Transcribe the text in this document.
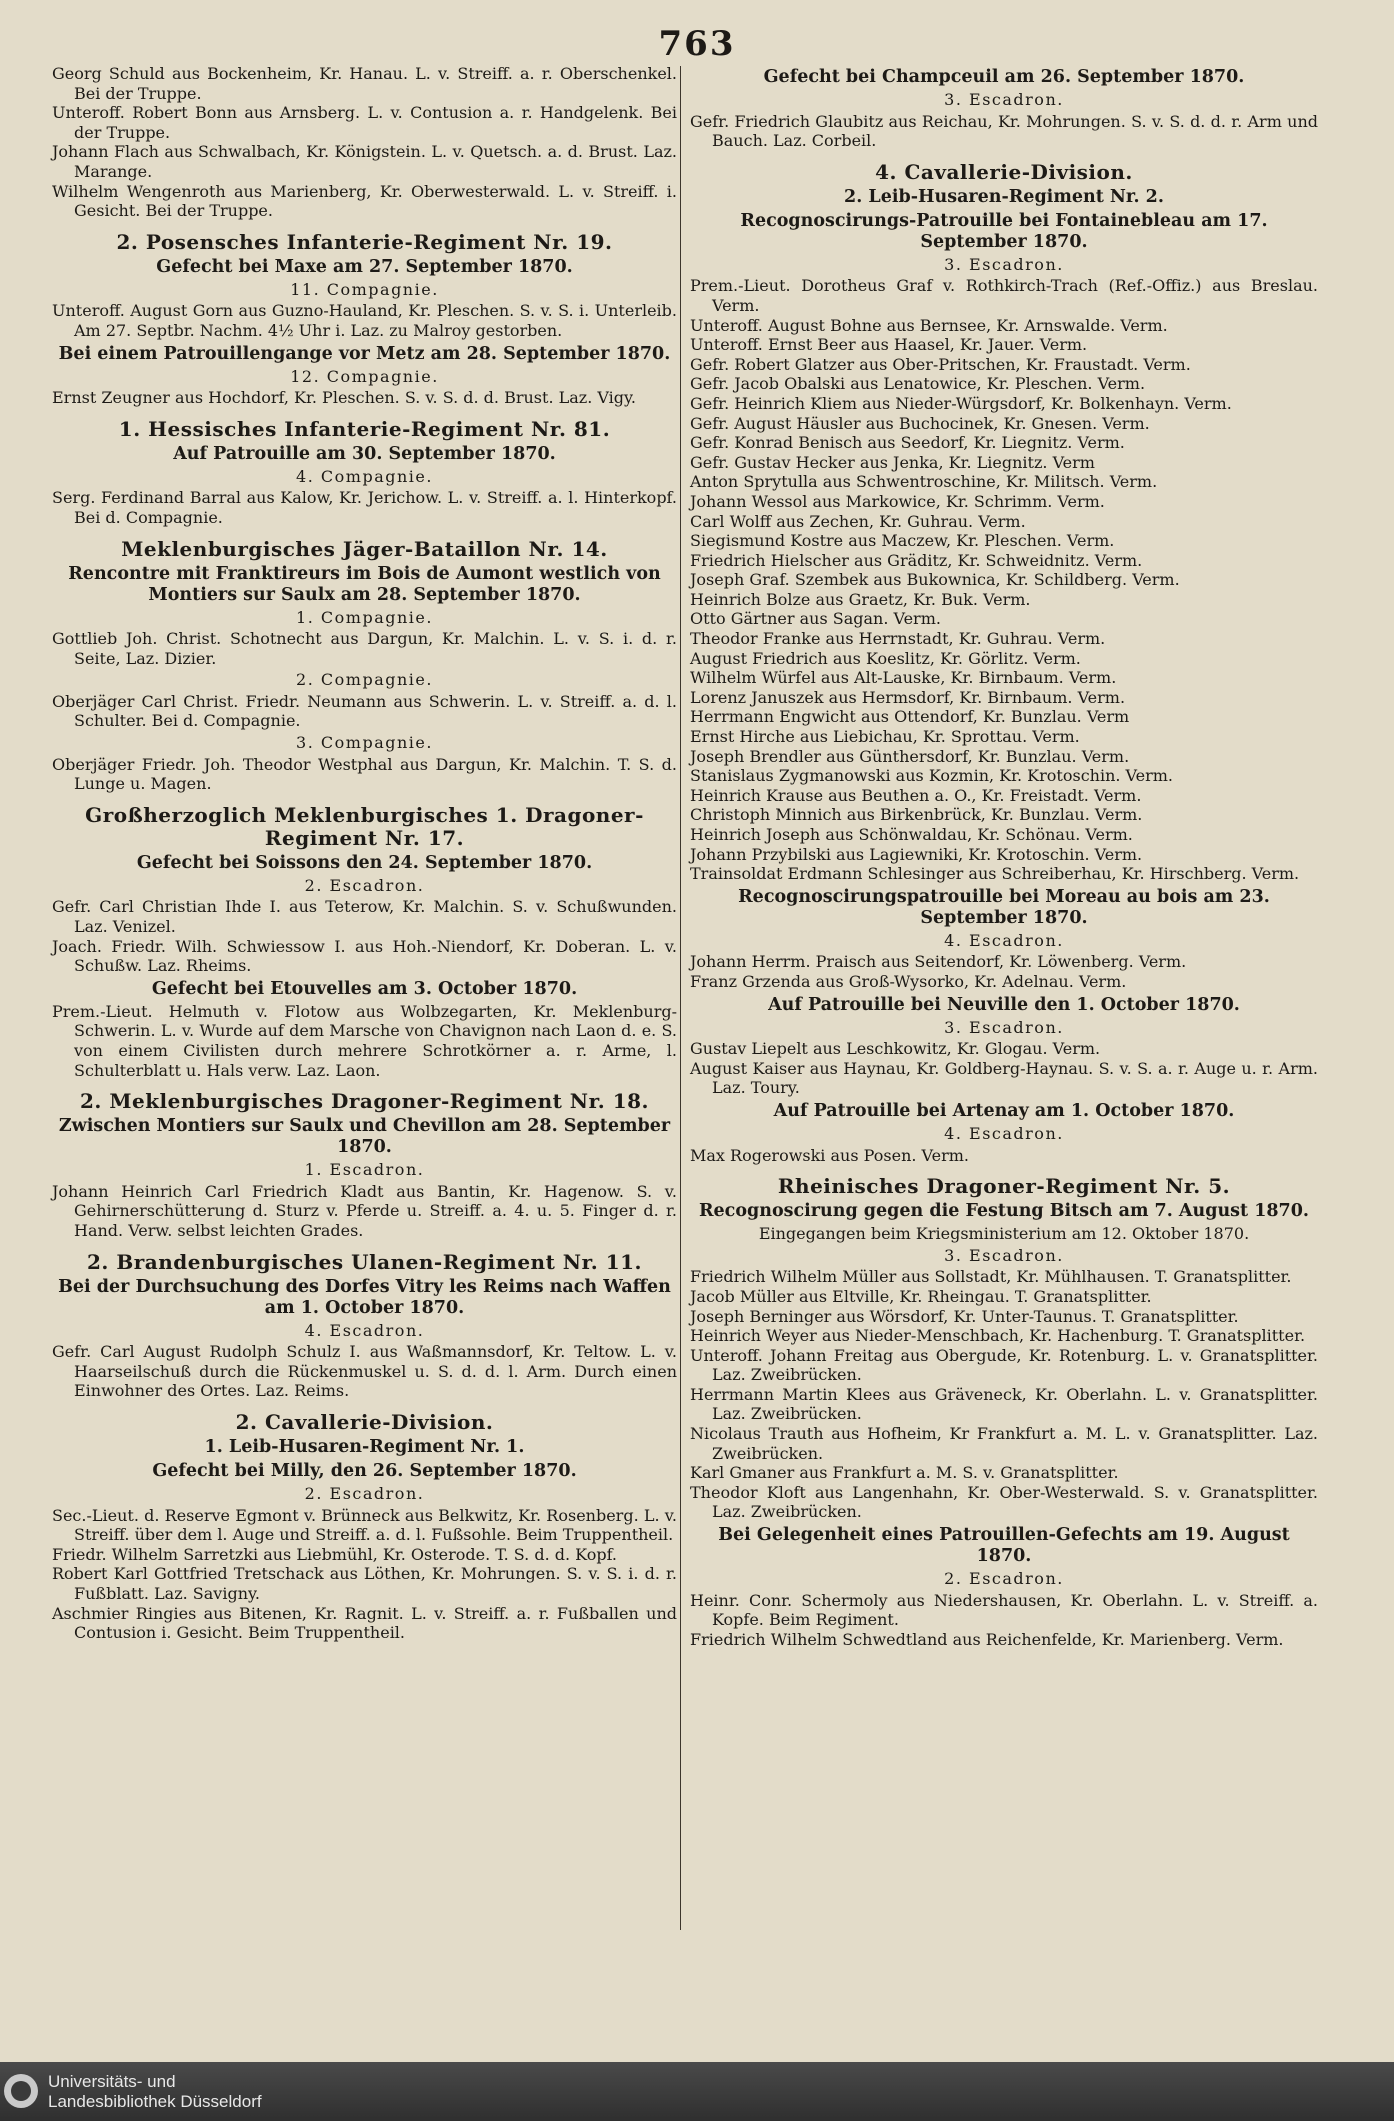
763
Georg Schuld aus Bockenheim, Kr. Hanau. L. v. Streiff. a. r. Oberschenkel. Bei der Truppe.
Unteroff. Robert Bonn aus Arnsberg. L. v. Contusion a. r. Handgelenk. Bei der Truppe.
Johann Flach aus Schwalbach, Kr. Königstein. L. v. Quetsch. a. d. Brust. Laz. Marange.
Wilhelm Wengenroth aus Marienberg, Kr. Oberwesterwald. L. v. Streiff. i. Gesicht. Bei der Truppe.
2. Posensches Infanterie-Regiment Nr. 19.
Gefecht bei Maxe am 27. September 1870.
11. Compagnie.
Unteroff. August Gorn aus Guzno-Hauland, Kr. Pleschen. S. v. S. i. Unterleib. Am 27. Septbr. Nachm. 4½ Uhr i. Laz. zu Malroy gestorben.
Bei einem Patrouillengange vor Metz am 28. September 1870.
12. Compagnie.
Ernst Zeugner aus Hochdorf, Kr. Pleschen. S. v. S. d. d. Brust. Laz. Vigy.
1. Hessisches Infanterie-Regiment Nr. 81.
Auf Patrouille am 30. September 1870.
4. Compagnie.
Serg. Ferdinand Barral aus Kalow, Kr. Jerichow. L. v. Streiff. a. l. Hinterkopf. Bei d. Compagnie.
Meklenburgisches Jäger-Bataillon Nr. 14.
Rencontre mit Franktireurs im Bois de Aumont westlich von Montiers sur Saulx am 28. September 1870.
1. Compagnie.
Gottlieb Joh. Christ. Schotnecht aus Dargun, Kr. Malchin. L. v. S. i. d. r. Seite, Laz. Dizier.
2. Compagnie.
Oberjäger Carl Christ. Friedr. Neumann aus Schwerin. L. v. Streiff. a. d. l. Schulter. Bei d. Compagnie.
3. Compagnie.
Oberjäger Friedr. Joh. Theodor Westphal aus Dargun, Kr. Malchin. T. S. d. Lunge u. Magen.
Großherzoglich Meklenburgisches 1. Dragoner-Regiment Nr. 17.
Gefecht bei Soissons den 24. September 1870.
2. Escadron.
Gefr. Carl Christian Ihde I. aus Teterow, Kr. Malchin. S. v. Schußwunden. Laz. Venizel.
Joach. Friedr. Wilh. Schwiessow I. aus Hoh.-Niendorf, Kr. Doberan. L. v. Schußw. Laz. Rheims.
Gefecht bei Etouvelles am 3. October 1870.
Prem.-Lieut. Helmuth v. Flotow aus Wolbzegarten, Kr. Meklenburg-Schwerin. L. v. Wurde auf dem Marsche von Chavignon nach Laon d. e. S. von einem Civilisten durch mehrere Schrotkörner a. r. Arme, l. Schulterblatt u. Hals verw. Laz. Laon.
2. Meklenburgisches Dragoner-Regiment Nr. 18.
Zwischen Montiers sur Saulx und Chevillon am 28. September 1870.
1. Escadron.
Johann Heinrich Carl Friedrich Kladt aus Bantin, Kr. Hagenow. S. v. Gehirnerschütterung d. Sturz v. Pferde u. Streiff. a. 4. u. 5. Finger d. r. Hand. Verw. selbst leichten Grades.
2. Brandenburgisches Ulanen-Regiment Nr. 11.
Bei der Durchsuchung des Dorfes Vitry les Reims nach Waffen am 1. October 1870.
4. Escadron.
Gefr. Carl August Rudolph Schulz I. aus Waßmannsdorf, Kr. Teltow. L. v. Haarseilschuß durch die Rückenmuskel u. S. d. d. l. Arm. Durch einen Einwohner des Ortes. Laz. Reims.
2. Cavallerie-Division.
1. Leib-Husaren-Regiment Nr. 1.
Gefecht bei Milly, den 26. September 1870.
2. Escadron.
Sec.-Lieut. d. Reserve Egmont v. Brünneck aus Belkwitz, Kr. Rosenberg. L. v. Streiff. über dem l. Auge und Streiff. a. d. l. Fußsohle. Beim Truppentheil.
Friedr. Wilhelm Sarretzki aus Liebmühl, Kr. Osterode. T. S. d. d. Kopf.
Robert Karl Gottfried Tretschack aus Löthen, Kr. Mohrungen. S. v. S. i. d. r. Fußblatt. Laz. Savigny.
Aschmier Ringies aus Bitenen, Kr. Ragnit. L. v. Streiff. a. r. Fußballen und Contusion i. Gesicht. Beim Truppentheil.
Gefecht bei Champceuil am 26. September 1870.
3. Escadron.
Gefr. Friedrich Glaubitz aus Reichau, Kr. Mohrungen. S. v. S. d. d. r. Arm und Bauch. Laz. Corbeil.
4. Cavallerie-Division.
2. Leib-Husaren-Regiment Nr. 2.
Recognoscirungs-Patrouille bei Fontainebleau am 17. September 1870.
3. Escadron.
Prem.-Lieut. Dorotheus Graf v. Rothkirch-Trach (Ref.-Offiz.) aus Breslau. Verm.
Unteroff. August Bohne aus Bernsee, Kr. Arnswalde. Verm.
Unteroff. Ernst Beer aus Haasel, Kr. Jauer. Verm.
Gefr. Robert Glatzer aus Ober-Pritschen, Kr. Fraustadt. Verm.
Gefr. Jacob Obalski aus Lenatowice, Kr. Pleschen. Verm.
Gefr. Heinrich Kliem aus Nieder-Würgsdorf, Kr. Bolkenhayn. Verm.
Gefr. August Häusler aus Buchocinek, Kr. Gnesen. Verm.
Gefr. Konrad Benisch aus Seedorf, Kr. Liegnitz. Verm.
Gefr. Gustav Hecker aus Jenka, Kr. Liegnitz. Verm
Anton Sprytulla aus Schwentroschine, Kr. Militsch. Verm.
Johann Wessol aus Markowice, Kr. Schrimm. Verm.
Carl Wolff aus Zechen, Kr. Guhrau. Verm.
Siegismund Kostre aus Maczew, Kr. Pleschen. Verm.
Friedrich Hielscher aus Gräditz, Kr. Schweidnitz. Verm.
Joseph Graf. Szembek aus Bukownica, Kr. Schildberg. Verm.
Heinrich Bolze aus Graetz, Kr. Buk. Verm.
Otto Gärtner aus Sagan. Verm.
Theodor Franke aus Herrnstadt, Kr. Guhrau. Verm.
August Friedrich aus Koeslitz, Kr. Görlitz. Verm.
Wilhelm Würfel aus Alt-Lauske, Kr. Birnbaum. Verm.
Lorenz Januszek aus Hermsdorf, Kr. Birnbaum. Verm.
Herrmann Engwicht aus Ottendorf, Kr. Bunzlau. Verm
Ernst Hirche aus Liebichau, Kr. Sprottau. Verm.
Joseph Brendler aus Günthersdorf, Kr. Bunzlau. Verm.
Stanislaus Zygmanowski aus Kozmin, Kr. Krotoschin. Verm.
Heinrich Krause aus Beuthen a. O., Kr. Freistadt. Verm.
Christoph Minnich aus Birkenbrück, Kr. Bunzlau. Verm.
Heinrich Joseph aus Schönwaldau, Kr. Schönau. Verm.
Johann Przybilski aus Lagiewniki, Kr. Krotoschin. Verm.
Trainsoldat Erdmann Schlesinger aus Schreiberhau, Kr. Hirschberg. Verm.
Recognoscirungspatrouille bei Moreau au bois am 23. September 1870.
4. Escadron.
Johann Herrm. Praisch aus Seitendorf, Kr. Löwenberg. Verm.
Franz Grzenda aus Groß-Wysorko, Kr. Adelnau. Verm.
Auf Patrouille bei Neuville den 1. October 1870.
3. Escadron.
Gustav Liepelt aus Leschkowitz, Kr. Glogau. Verm.
August Kaiser aus Haynau, Kr. Goldberg-Haynau. S. v. S. a. r. Auge u. r. Arm. Laz. Toury.
Auf Patrouille bei Artenay am 1. October 1870.
4. Escadron.
Max Rogerowski aus Posen. Verm.
Rheinisches Dragoner-Regiment Nr. 5.
Recognoscirung gegen die Festung Bitsch am 7. August 1870.
Eingegangen beim Kriegsministerium am 12. Oktober 1870.
3. Escadron.
Friedrich Wilhelm Müller aus Sollstadt, Kr. Mühlhausen. T. Granatsplitter.
Jacob Müller aus Eltville, Kr. Rheingau. T. Granatsplitter.
Joseph Berninger aus Wörsdorf, Kr. Unter-Taunus. T. Granatsplitter.
Heinrich Weyer aus Nieder-Menschbach, Kr. Hachenburg. T. Granatsplitter.
Unteroff. Johann Freitag aus Obergude, Kr. Rotenburg. L. v. Granatsplitter. Laz. Zweibrücken.
Herrmann Martin Klees aus Gräveneck, Kr. Oberlahn. L. v. Granatsplitter. Laz. Zweibrücken.
Nicolaus Trauth aus Hofheim, Kr Frankfurt a. M. L. v. Granatsplitter. Laz. Zweibrücken.
Karl Gmaner aus Frankfurt a. M. S. v. Granatsplitter.
Theodor Kloft aus Langenhahn, Kr. Ober-Westerwald. S. v. Granatsplitter. Laz. Zweibrücken.
Bei Gelegenheit eines Patrouillen-Gefechts am 19. August 1870.
2. Escadron.
Heinr. Conr. Schermoly aus Niedershausen, Kr. Oberlahn. L. v. Streiff. a. Kopfe. Beim Regiment.
Friedrich Wilhelm Schwedtland aus Reichenfelde, Kr. Marienberg. Verm.
Universitäts- und
Landesbibliothek Düsseldorf
